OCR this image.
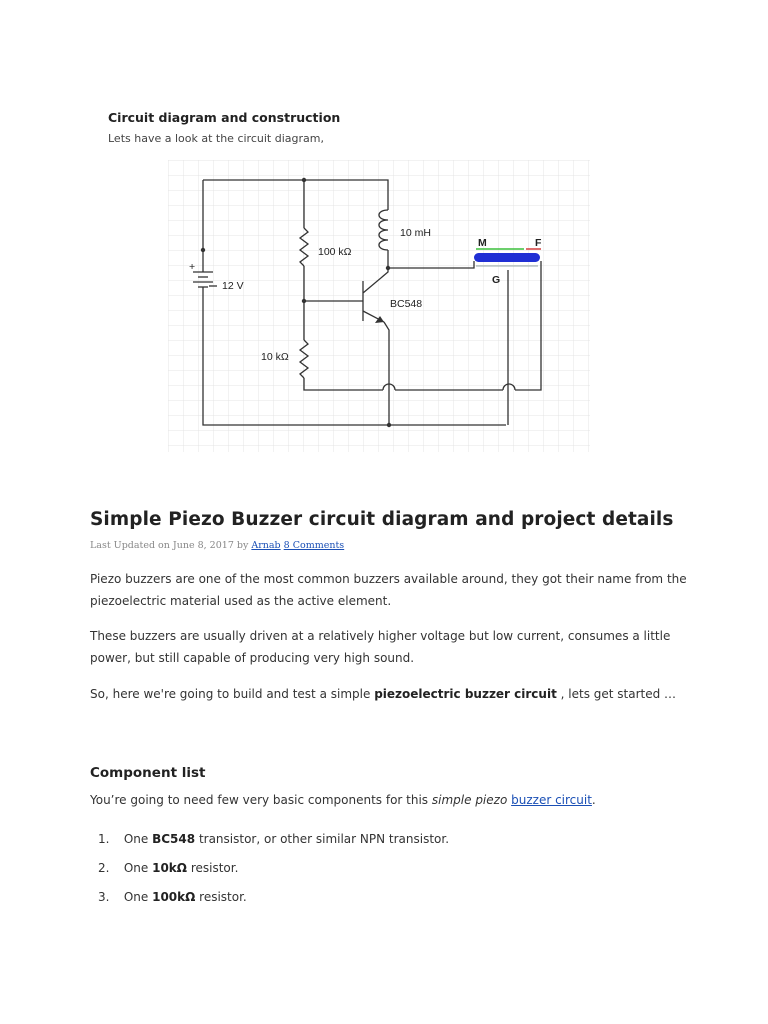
Circuit diagram and construction

Lets have a look at the circuit diagram,

+
12 V
100 kΩ
10 kΩ
10 mH
BC548
M	F
G
Simple Piezo Buzzer circuit diagram and project details

Last Updated on June 8, 2017 by Arnab 8 Comments

Piezo buzzers are one of the most common buzzers available around, they got their name from the piezoelectric material used as the active element.

These buzzers are usually driven at a relatively higher voltage but low current, consumes a little power, but still capable of producing very high sound.

So, here we're going to build and test a simple piezoelectric buzzer circuit , lets get started …

Component list

You’re going to need few very basic components for this simple piezo buzzer circuit.

1. One BC548 transistor, or other similar NPN transistor.
2. One 10kΩ resistor.
3. One 100kΩ resistor.
